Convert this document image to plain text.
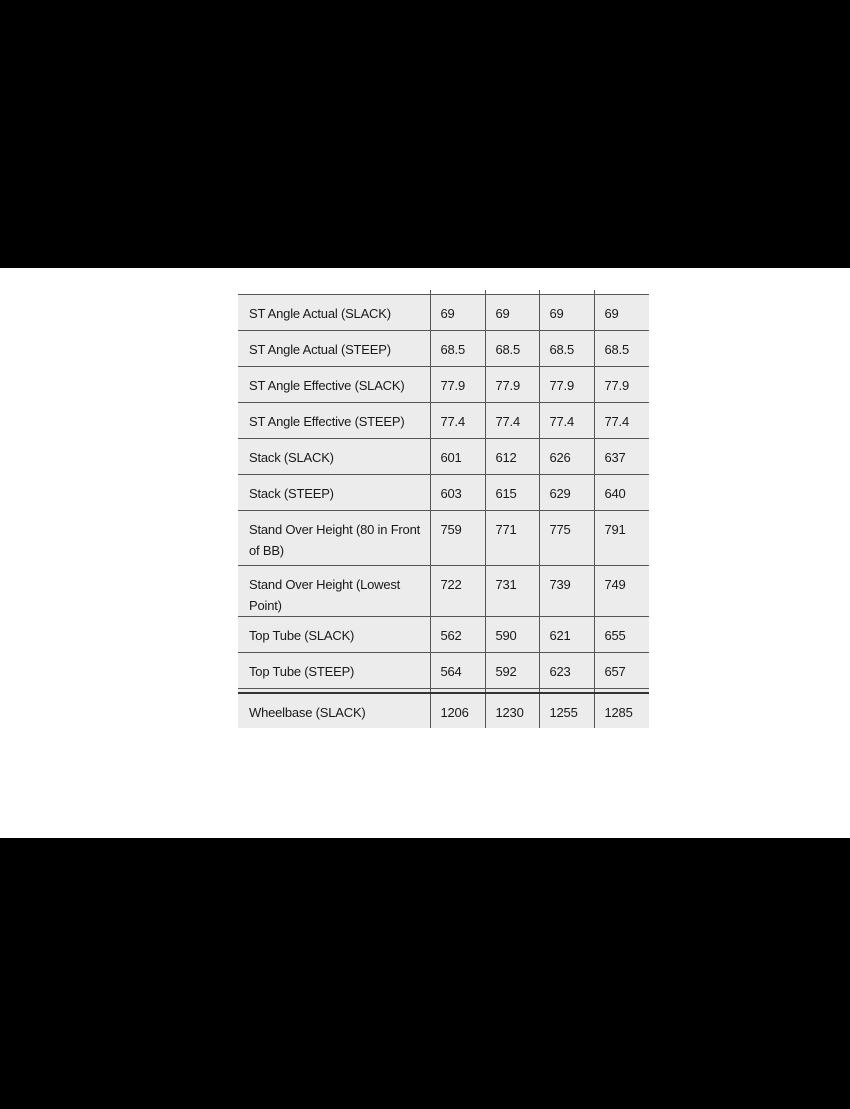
ST Angle Actual (SLACK)	69	69	69	69
ST Angle Actual (STEEP)	68.5	68.5	68.5	68.5
ST Angle Effective (SLACK)	77.9	77.9	77.9	77.9
ST Angle Effective (STEEP)	77.4	77.4	77.4	77.4
Stack (SLACK)	601	612	626	637
Stack (STEEP)	603	615	629	640
Stand Over Height (80 in Front of BB)	759	771	775	791
Stand Over Height (Lowest Point)	722	731	739	749
Top Tube (SLACK)	562	590	621	655
Top Tube (STEEP)	564	592	623	657
Wheelbase (SLACK)	1206	1230	1255	1285
